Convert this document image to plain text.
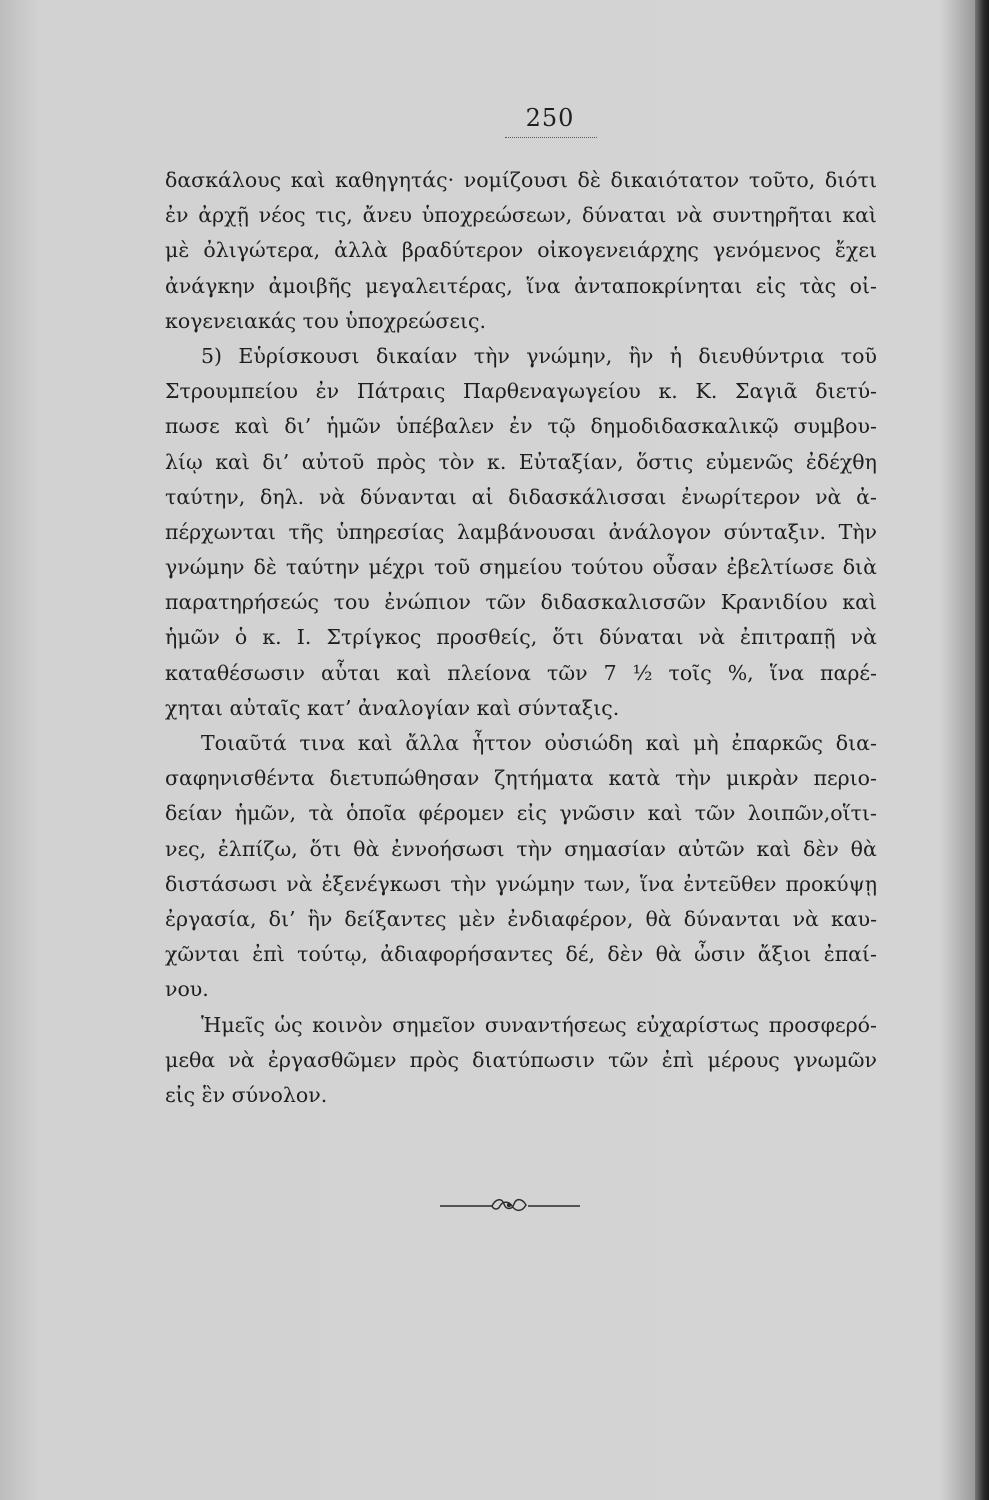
250
δασκάλους καὶ καθηγητάς· νομίζουσι δὲ δικαιότατον τοῦτο, διότι
ἐν ἀρχῇ νέος τις, ἄνευ ὑποχρεώσεων, δύναται νὰ συντηρῆται καὶ
μὲ ὀλιγώτερα, ἀλλὰ βραδύτερον οἰκογενειάρχης γενόμενος ἔχει
ἀνάγκην ἀμοιβῆς μεγαλειτέρας, ἵνα ἀνταποκρίνηται εἰς τὰς οἰ-
κογενειακάς του ὑποχρεώσεις.
5) Εὑρίσκουσι δικαίαν τὴν γνώμην, ἣν ἡ διευθύντρια τοῦ
Στρουμπείου ἐν Πάτραις Παρθεναγωγείου κ. Κ. Σαγιᾶ διετύ-
πωσε καὶ δι’ ἡμῶν ὑπέβαλεν ἐν τῷ δημοδιδασκαλικῷ συμβου-
λίῳ καὶ δι’ αὐτοῦ πρὸς τὸν κ. Εὐταξίαν, ὅστις εὐμενῶς ἐδέχθη
ταύτην, δηλ. νὰ δύνανται αἱ διδασκάλισσαι ἐνωρίτερον νὰ ἀ-
πέρχωνται τῆς ὑπηρεσίας λαμβάνουσαι ἀνάλογον σύνταξιν. Τὴν
γνώμην δὲ ταύτην μέχρι τοῦ σημείου τούτου οὖσαν ἐβελτίωσε διὰ
παρατηρήσεώς του ἐνώπιον τῶν διδασκαλισσῶν Κρανιδίου καὶ
ἡμῶν ὁ κ. Ι. Στρίγκος προσθείς, ὅτι δύναται νὰ ἐπιτραπῇ νὰ
καταθέσωσιν αὗται καὶ πλείονα τῶν 7 ½ τοῖς %, ἵνα παρέ-
χηται αὐταῖς κατ’ ἀναλογίαν καὶ σύνταξις.
Τοιαῦτά τινα καὶ ἄλλα ἧττον οὐσιώδη καὶ μὴ ἐπαρκῶς δια-
σαφηνισθέντα διετυπώθησαν ζητήματα κατὰ τὴν μικρὰν περιο-
δείαν ἡμῶν, τὰ ὁποῖα φέρομεν εἰς γνῶσιν καὶ τῶν λοιπῶν,οἵτι-
νες, ἐλπίζω, ὅτι θὰ ἐννοήσωσι τὴν σημασίαν αὐτῶν καὶ δὲν θὰ
διστάσωσι νὰ ἐξενέγκωσι τὴν γνώμην των, ἵνα ἐντεῦθεν προκύψῃ
ἐργασία, δι’ ἣν δείξαντες μὲν ἐνδιαφέρον, θὰ δύνανται νὰ καυ-
χῶνται ἐπὶ τούτῳ, ἀδιαφορήσαντες δέ, δὲν θὰ ὦσιν ἄξιοι ἐπαί-
νου.
Ἡμεῖς ὡς κοινὸν σημεῖον συναντήσεως εὐχαρίστως προσφερό-
μεθα νὰ ἐργασθῶμεν πρὸς διατύπωσιν τῶν ἐπὶ μέρους γνωμῶν
εἰς ἓν σύνολον.
